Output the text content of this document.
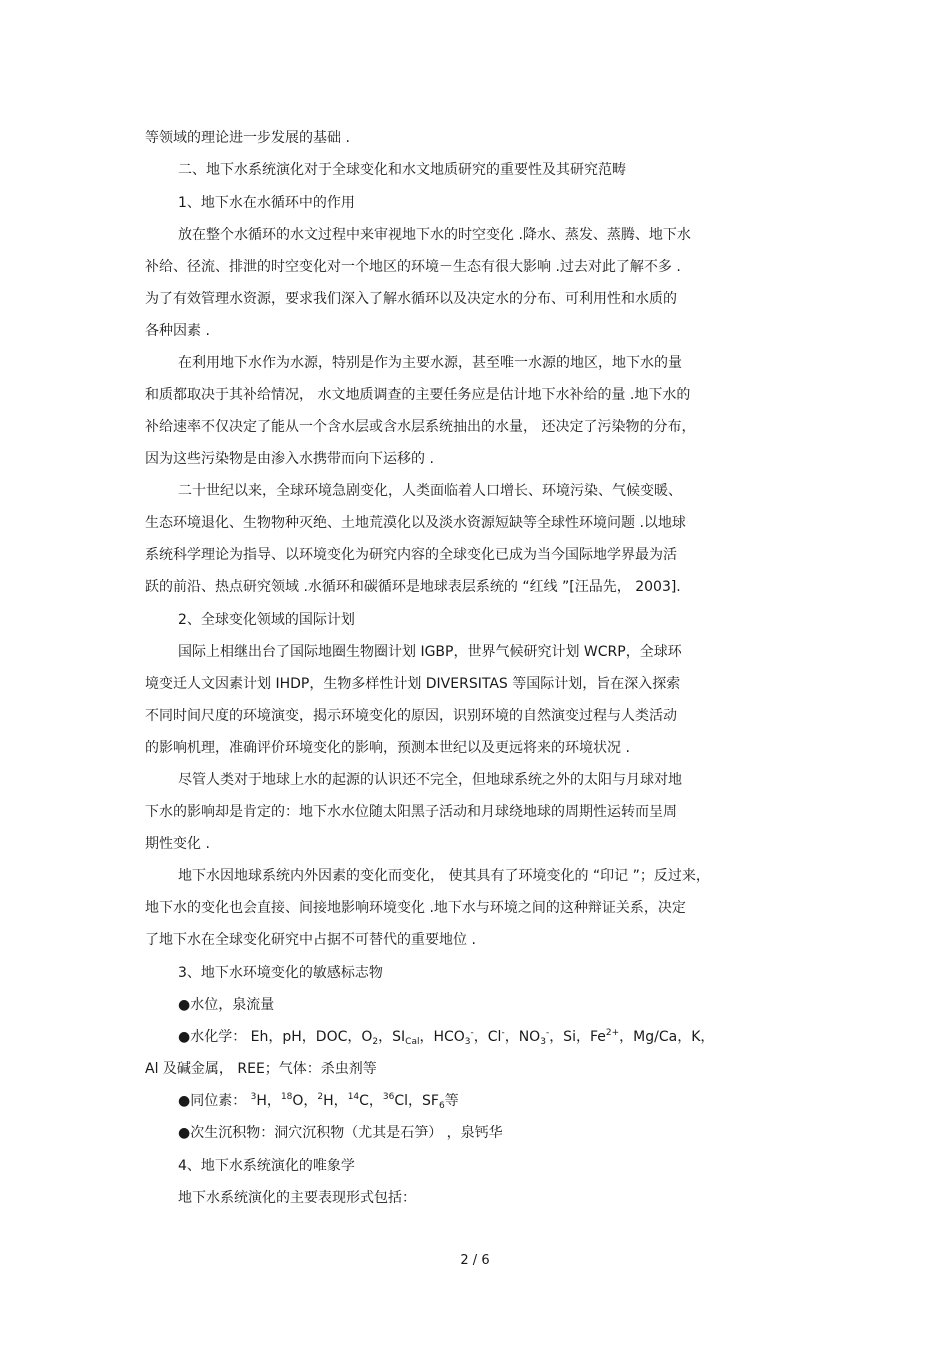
等领域的理论进一步发展的基础 .
二、地下水系统演化对于全球变化和水文地质研究的重要性及其研究范畴
1、地下水在水循环中的作用
放在整个水循环的水文过程中来审视地下水的时空变化 .降水、蒸发、蒸腾、地下水
补给、径流、排泄的时空变化对一个地区的环境－生态有很大影响 .过去对此了解不多 .
为了有效管理水资源，要求我们深入了解水循环以及决定水的分布、可利用性和水质的
各种因素 .
在利用地下水作为水源，特别是作为主要水源，甚至唯一水源的地区，地下水的量
和质都取决于其补给情况， 水文地质调查的主要任务应是估计地下水补给的量 .地下水的
补给速率不仅决定了能从一个含水层或含水层系统抽出的水量， 还决定了污染物的分布，
因为这些污染物是由渗入水携带而向下运移的 .
二十世纪以来，全球环境急剧变化，人类面临着人口增长、环境污染、气候变暖、
生态环境退化、生物物种灭绝、土地荒漠化以及淡水资源短缺等全球性环境问题 .以地球
系统科学理论为指导、以环境变化为研究内容的全球变化已成为当今国际地学界最为活
跃的前沿、热点研究领域 .水循环和碳循环是地球表层系统的 “红线 ”[汪品先， 2003].
2、全球变化领域的国际计划
国际上相继出台了国际地圈生物圈计划 IGBP，世界气候研究计划 WCRP，全球环
境变迁人文因素计划 IHDP，生物多样性计划 DIVERSITAS 等国际计划，旨在深入探索
不同时间尺度的环境演变，揭示环境变化的原因，识别环境的自然演变过程与人类活动
的影响机理，准确评价环境变化的影响，预测本世纪以及更远将来的环境状况 .
尽管人类对于地球上水的起源的认识还不完全，但地球系统之外的太阳与月球对地
下水的影响却是肯定的：地下水水位随太阳黑子活动和月球绕地球的周期性运转而呈周
期性变化 .
地下水因地球系统内外因素的变化而变化， 使其具有了环境变化的 “印记 ”；反过来，
地下水的变化也会直接、间接地影响环境变化 .地下水与环境之间的这种辩证关系，决定
了地下水在全球变化研究中占据不可替代的重要地位 .
3、地下水环境变化的敏感标志物
●水位，泉流量
●水化学： Eh，pH，DOC，$O_2$，$SI_{Cal}$，$HCO_3^-$，Cl-，$NO_3^-$，Si，$Fe^{2+}$，Mg/Ca，K，
Al 及碱金属， REE；气体：杀虫剂等
●同位素： $^3$H，$^{18}$O，$^2$H，$^{14}$C，$^{36}$Cl，$SF_6$等
●次生沉积物：洞穴沉积物（尤其是石笋） ，泉钙华
4、地下水系统演化的唯象学
地下水系统演化的主要表现形式包括：
2 / 6
